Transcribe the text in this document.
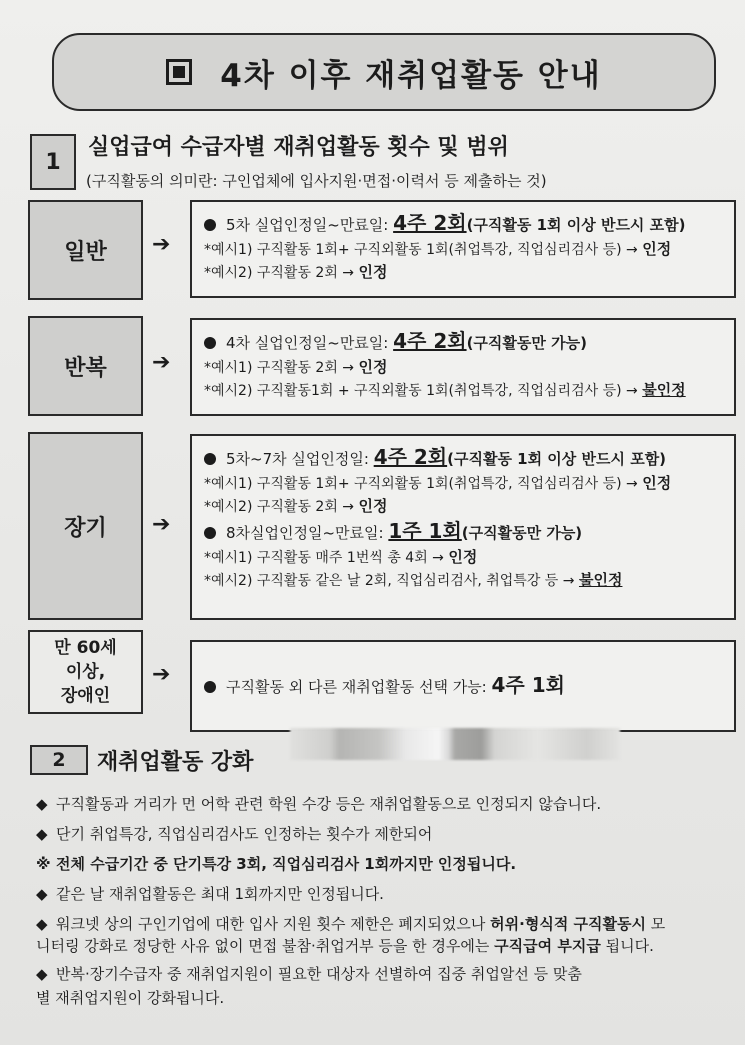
4차 이후 재취업활동 안내
1
실업급여 수급자별 재취업활동 횟수 및 범위
(구직활동의 의미란: 구인업체에 입사지원·면접·이력서 등 제출하는 것)
일반	➔
5차 실업인정일~만료일: 4주 2회(구직활동 1회 이상 반드시 포함)
*예시1) 구직활동 1회+ 구직외활동 1회(취업특강, 직업심리검사 등) → 인정
*예시2) 구직활동 2회 → 인정
반복	➔
4차 실업인정일~만료일: 4주 2회(구직활동만 가능)
*예시1) 구직활동 2회 → 인정
*예시2) 구직활동1회 + 구직외활동 1회(취업특강, 직업심리검사 등) → 불인정
장기	➔
5차~7차 실업인정일: 4주 2회(구직활동 1회 이상 반드시 포함)
*예시1) 구직활동 1회+ 구직외활동 1회(취업특강, 직업심리검사 등) → 인정
*예시2) 구직활동 2회 → 인정
8차실업인정일~만료일: 1주 1회(구직활동만 가능)
*예시1) 구직활동 매주 1번씩 총 4회 → 인정
*예시2) 구직활동 같은 날 2회, 직업심리검사, 취업특강 등 → 불인정
만 60세
이상,
장애인
➔	구직활동 외 다른 재취업활동 선택 가능: 4주 1회
2	재취업활동 강화
◆ 구직활동과 거리가 먼 어학 관련 학원 수강 등은 재취업활동으로 인정되지 않습니다.
◆ 단기 취업특강, 직업심리검사도 인정하는 횟수가 제한되어
※ 전체 수급기간 중 단기특강 3회, 직업심리검사 1회까지만 인정됩니다.
◆ 같은 날 재취업활동은 최대 1회까지만 인정됩니다.
◆ 워크넷 상의 구인기업에 대한 입사 지원 횟수 제한은 폐지되었으나 허위·형식적 구직활동시 모
니터링 강화로 정당한 사유 없이 면접 불참·취업거부 등을 한 경우에는 구직급여 부지급 됩니다.
◆ 반복·장기수급자 중 재취업지원이 필요한 대상자 선별하여 집중 취업알선 등 맞춤
별 재취업지원이 강화됩니다.
